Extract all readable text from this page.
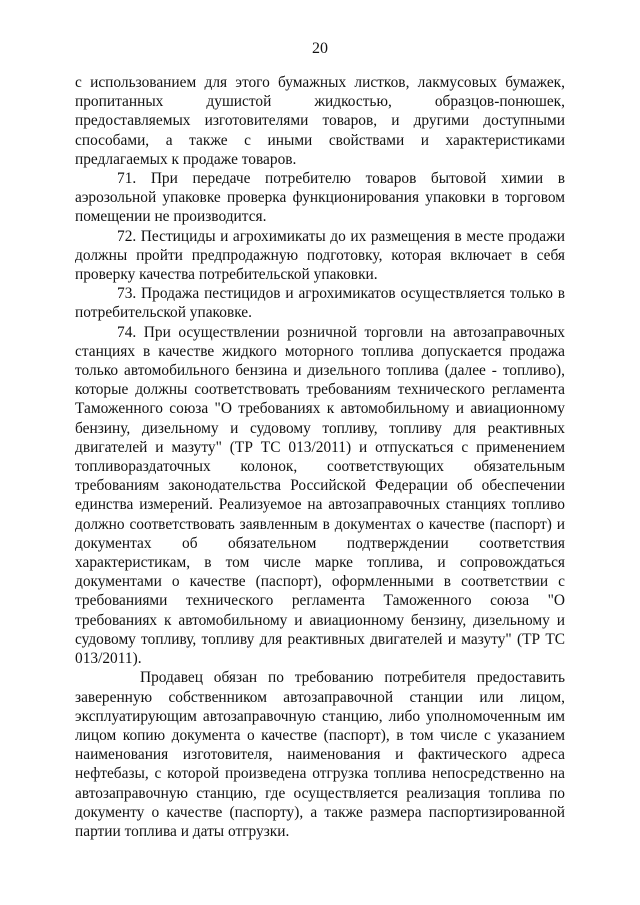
20

с использованием для этого бумажных листков, лакмусовых бумажек, пропитанных душистой жидкостью, образцов-понюшек, предоставляемых изготовителями товаров, и другими доступными способами, а также с иными свойствами и характеристиками предлагаемых к продаже товаров.

71. При передаче потребителю товаров бытовой химии в аэрозольной упаковке проверка функционирования упаковки в торговом помещении не производится.

72. Пестициды и агрохимикаты до их размещения в месте продажи должны пройти предпродажную подготовку, которая включает в себя проверку качества потребительской упаковки.

73. Продажа пестицидов и агрохимикатов осуществляется только в потребительской упаковке.

74. При осуществлении розничной торговли на автозаправочных станциях в качестве жидкого моторного топлива допускается продажа только автомобильного бензина и дизельного топлива (далее - топливо), которые должны соответствовать требованиям технического регламента Таможенного союза "О требованиях к автомобильному и авиационному бензину, дизельному и судовому топливу, топливу для реактивных двигателей и мазуту" (ТР ТС 013/2011) и отпускаться с применением топливораздаточных колонок, соответствующих обязательным требованиям законодательства Российской Федерации об обеспечении единства измерений. Реализуемое на автозаправочных станциях топливо должно соответствовать заявленным в документах о качестве (паспорт) и документах об обязательном подтверждении соответствия характеристикам, в том числе марке топлива, и сопровождаться документами о качестве (паспорт), оформленными в соответствии с требованиями технического регламента Таможенного союза "О требованиях к автомобильному и авиационному бензину, дизельному и судовому топливу, топливу для реактивных двигателей и мазуту" (ТР ТС 013/2011).

Продавец обязан по требованию потребителя предоставить заверенную собственником автозаправочной станции или лицом, эксплуатирующим автозаправочную станцию, либо уполномоченным им лицом копию документа о качестве (паспорт), в том числе с указанием наименования изготовителя, наименования и фактического адреса нефтебазы, с которой произведена отгрузка топлива непосредственно на автозаправочную станцию, где осуществляется реализация топлива по документу о качестве (паспорту), а также размера паспортизированной партии топлива и даты отгрузки.
